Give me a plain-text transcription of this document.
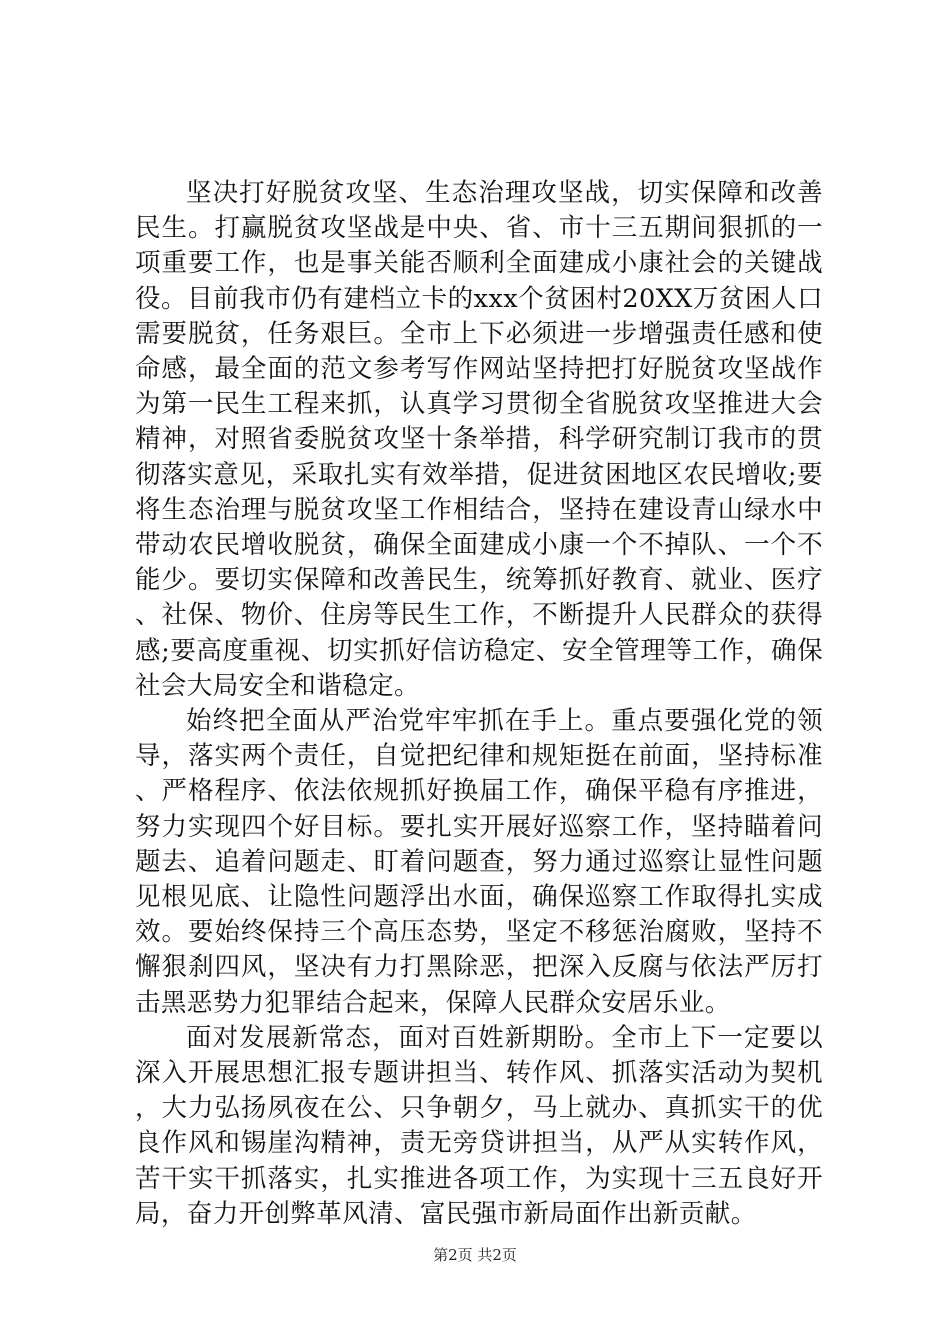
坚决打好脱贫攻坚、生态治理攻坚战，切实保障和改善民生。打赢脱贫攻坚战是中央、省、市十三五期间狠抓的一项重要工作，也是事关能否顺利全面建成小康社会的关键战役。目前我市仍有建档立卡的xxx个贫困村20XX万贫困人口需要脱贫，任务艰巨。全市上下必须进一步增强责任感和使命感，最全面的范文参考写作网站坚持把打好脱贫攻坚战作为第一民生工程来抓，认真学习贯彻全省脱贫攻坚推进大会精神，对照省委脱贫攻坚十条举措，科学研究制订我市的贯彻落实意见，采取扎实有效举措，促进贫困地区农民增收;要将生态治理与脱贫攻坚工作相结合，坚持在建设青山绿水中带动农民增收脱贫，确保全面建成小康一个不掉队、一个不能少。要切实保障和改善民生，统筹抓好教育、就业、医疗、社保、物价、住房等民生工作，不断提升人民群众的获得感;要高度重视、切实抓好信访稳定、安全管理等工作，确保社会大局安全和谐稳定。

始终把全面从严治党牢牢抓在手上。重点要强化党的领导，落实两个责任，自觉把纪律和规矩挺在前面，坚持标准、严格程序、依法依规抓好换届工作，确保平稳有序推进，努力实现四个好目标。要扎实开展好巡察工作，坚持瞄着问题去、追着问题走、盯着问题查，努力通过巡察让显性问题见根见底、让隐性问题浮出水面，确保巡察工作取得扎实成效。要始终保持三个高压态势，坚定不移惩治腐败，坚持不懈狠刹四风，坚决有力打黑除恶，把深入反腐与依法严厉打击黑恶势力犯罪结合起来，保障人民群众安居乐业。

面对发展新常态，面对百姓新期盼。全市上下一定要以深入开展思想汇报专题讲担当、转作风、抓落实活动为契机，大力弘扬夙夜在公、只争朝夕，马上就办、真抓实干的优良作风和锡崖沟精神，责无旁贷讲担当，从严从实转作风，苦干实干抓落实，扎实推进各项工作，为实现十三五良好开局，奋力开创弊革风清、富民强市新局面作出新贡献。

第2页 共2页
